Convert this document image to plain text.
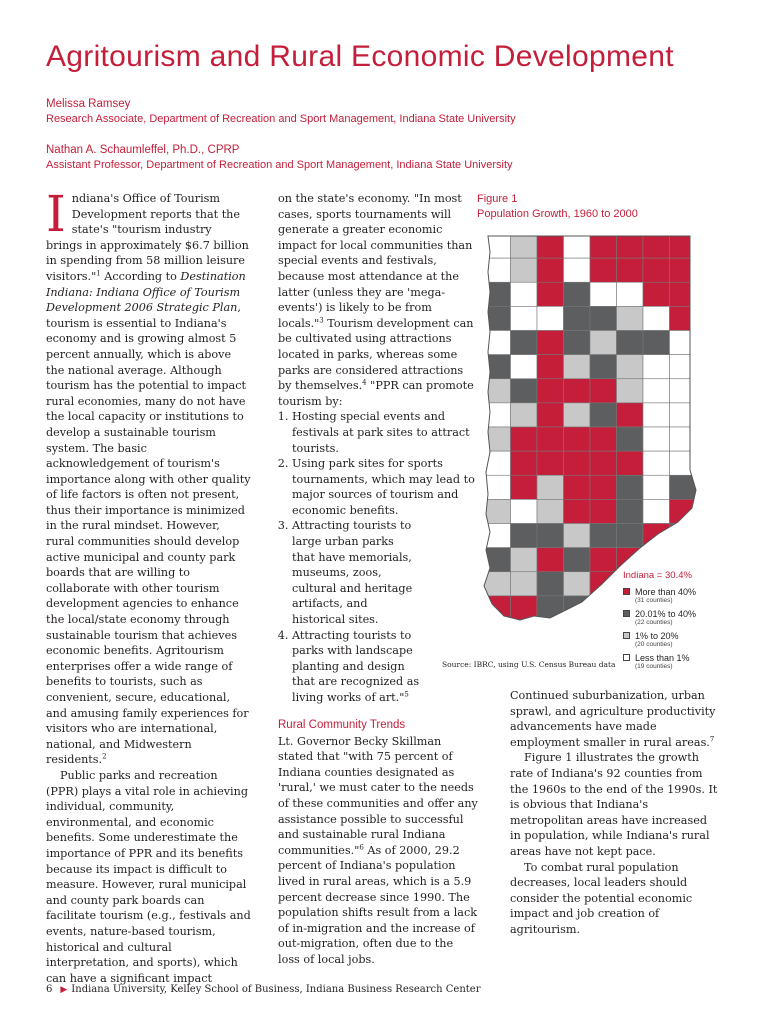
Agritourism and Rural Economic Development
Melissa Ramsey
Research Associate, Department of Recreation and Sport Management, Indiana State University
Nathan A. Schaumleffel, Ph.D., CPRP
Assistant Professor, Department of Recreation and Sport Management, Indiana State University

Indiana's Office of Tourism Development reports that the state's "tourism industry brings in approximately $6.7 billion in spending from 58 million leisure visitors."$^1$ According to Destination Indiana: Indiana Office of Tourism Development 2006 Strategic Plan, tourism is essential to Indiana's economy and is growing almost 5 percent annually, which is above the national average. Although tourism has the potential to impact rural economies, many do not have the local capacity or institutions to develop a sustainable tourism system. The basic acknowledgement of tourism's importance along with other quality of life factors is often not present, thus their importance is minimized in the rural mindset. However, rural communities should develop active municipal and county park boards that are willing to collaborate with other tourism development agencies to enhance the local/state economy through sustainable tourism that achieves economic benefits. Agritourism enterprises offer a wide range of benefits to tourists, such as convenient, secure, educational, and amusing family experiences for visitors who are international, national, and Midwestern residents.$^2$

Public parks and recreation (PPR) plays a vital role in achieving individual, community, environmental, and economic benefits. Some underestimate the importance of PPR and its benefits because its impact is difficult to measure. However, rural municipal and county park boards can facilitate tourism (e.g., festivals and events, nature-based tourism, historical and cultural interpretation, and sports), which can have a significant impact

on the state's economy. "In most cases, sports tournaments will generate a greater economic impact for local communities than special events and festivals, because most attendance at the latter (unless they are 'mega-events') is likely to be from locals."$^3$ Tourism development can be cultivated using attractions located in parks, whereas some parks are considered attractions by themselves.$^4$ "PPR can promote tourism by:

1. Hosting special events and festivals at park sites to attract tourists.
2. Using park sites for sports tournaments, which may lead to major sources of tourism and economic benefits.
3. Attracting tourists to large urban parks that have memorials, museums, zoos, cultural and heritage artifacts, and historical sites.
4. Attracting tourists to parks with landscape planting and design that are recognized as living works of art."$^5$
Rural Community Trends

Lt. Governor Becky Skillman stated that "with 75 percent of Indiana counties designated as 'rural,' we must cater to the needs of these communities and offer any assistance possible to successful and sustainable rural Indiana communities."$^6$ As of 2000, 29.2 percent of Indiana's population lived in rural areas, which is a 5.9 percent decrease since 1990. The population shifts result from a lack of in-migration and the increase of out-migration, often due to the loss of local jobs.

Continued suburbanization, urban sprawl, and agriculture productivity advancements have made employment smaller in rural areas.$^7$

Figure 1 illustrates the growth rate of Indiana's 92 counties from the 1960s to the end of the 1990s. It is obvious that Indiana's metropolitan areas have increased in population, while Indiana's rural areas have not kept pace.

To combat rural population decreases, local leaders should consider the potential economic impact and job creation of agritourism.

Figure 1
Population Growth, 1960 to 2000
Source: IBRC, using U.S. Census Bureau data
Indiana = 30.4%
More than 40%
(31 counties)
20.01% to 40%
(22 counties)
1% to 20%
(20 counties)
Less than 1%
(19 counties)
6 ▶ Indiana University, Kelley School of Business, Indiana Business Research Center
